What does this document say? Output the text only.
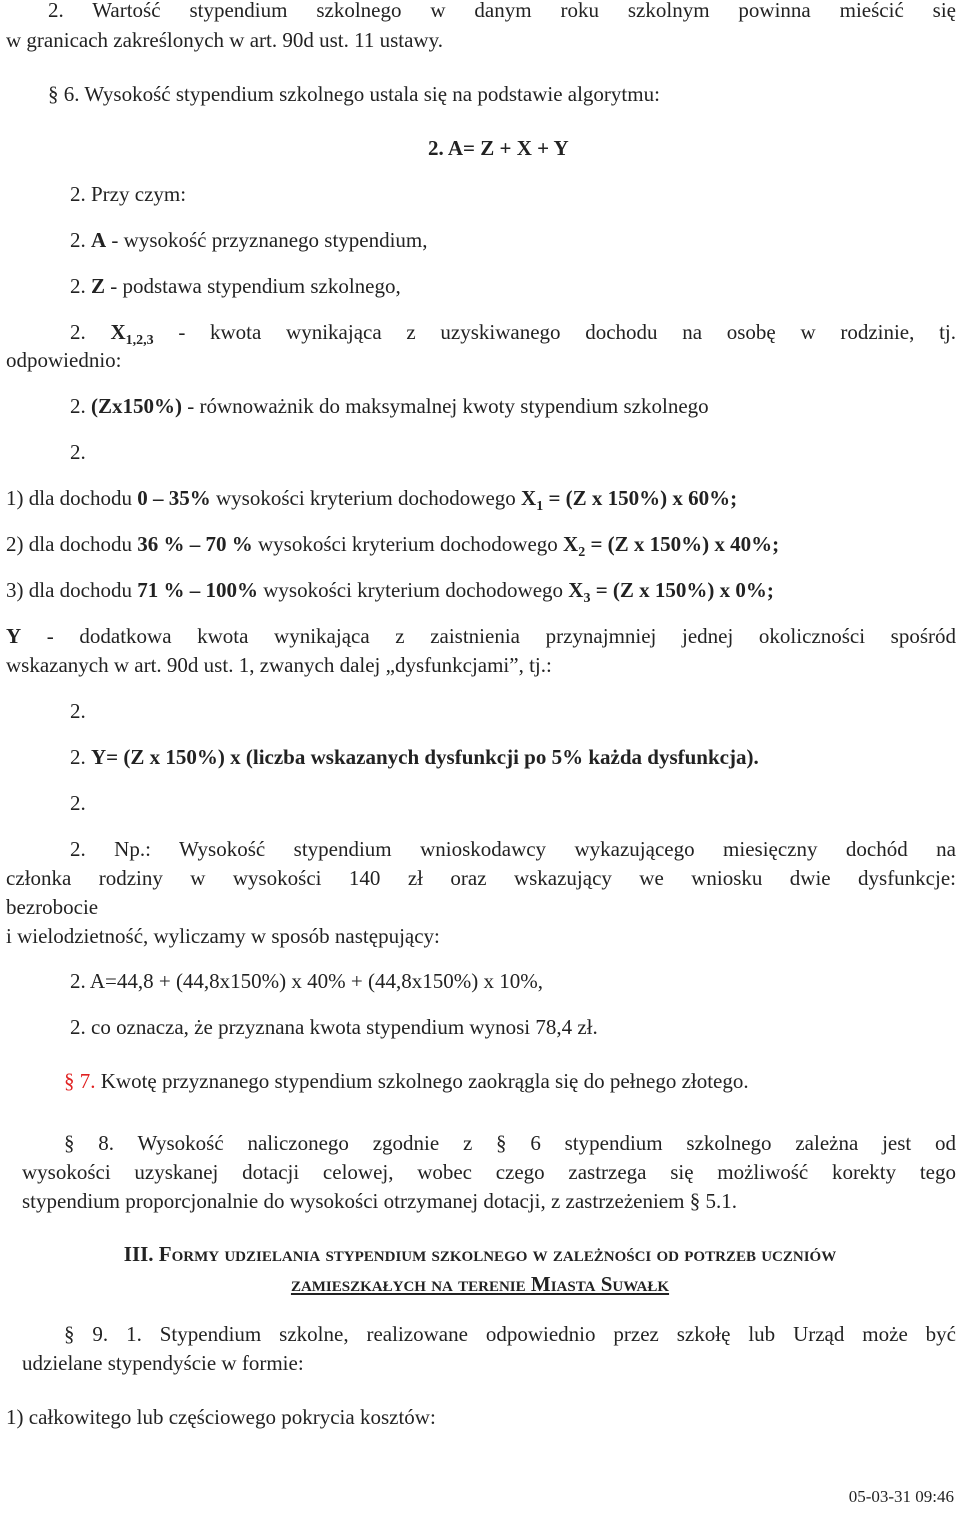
2. Wartość stypendium szkolnego w danym roku szkolnym powinna mieścić się
w granicach zakreślonych w art. 90d ust. 11 ustawy.
§ 6. Wysokość stypendium szkolnego ustala się na podstawie algorytmu:
2. A= Z + X + Y
2. Przy czym:
2. A - wysokość przyznanego stypendium,
2. Z - podstawa stypendium szkolnego,
2. $X_{1,2,3}$ - kwota wynikająca z uzyskiwanego dochodu na osobę w rodzinie, tj.
odpowiednio:
2. (Zx150%) - równoważnik do maksymalnej kwoty stypendium szkolnego
2.
1) dla dochodu 0 – 35% wysokości kryterium dochodowego $X_1 = (Z$ x 150%) x 60%;
2) dla dochodu 36 % – 70 % wysokości kryterium dochodowego $X_2 = (Z$ x 150%) x 40%;
3) dla dochodu 71 % – 100% wysokości kryterium dochodowego $X_3 = (Z$ x 150%) x 0%;
Y - dodatkowa kwota wynikająca z zaistnienia przynajmniej jednej okoliczności spośród
wskazanych w art. 90d ust. 1, zwanych dalej „dysfunkcjami”, tj.:
2.
2. Y= (Z x 150%) x (liczba wskazanych dysfunkcji po 5% każda dysfunkcja).
2.
2. Np.: Wysokość stypendium wnioskodawcy wykazującego miesięczny dochód na
członka rodziny w wysokości 140 zł oraz wskazujący we wniosku dwie dysfunkcje:
bezrobocie
i wielodzietność, wyliczamy w sposób następujący:
2. A=44,8 + (44,8x150%) x 40% + (44,8x150%) x 10%,
2. co oznacza, że przyznana kwota stypendium wynosi 78,4 zł.
§ 7. Kwotę przyznanego stypendium szkolnego zaokrągla się do pełnego złotego.
§ 8. Wysokość naliczonego zgodnie z § 6 stypendium szkolnego zależna jest od
wysokości uzyskanej dotacji celowej, wobec czego zastrzega się możliwość korekty tego
stypendium proporcjonalnie do wysokości otrzymanej dotacji, z zastrzeżeniem § 5.1.
III. Formy udzielania stypendium szkolnego w zależności od potrzeb uczniów
zamieszkałych na terenie Miasta Suwałk
§ 9. 1. Stypendium szkolne, realizowane odpowiednio przez szkołę lub Urząd może być
udzielane stypendyście w formie:
1) całkowitego lub częściowego pokrycia kosztów:
05-03-31 09:46
